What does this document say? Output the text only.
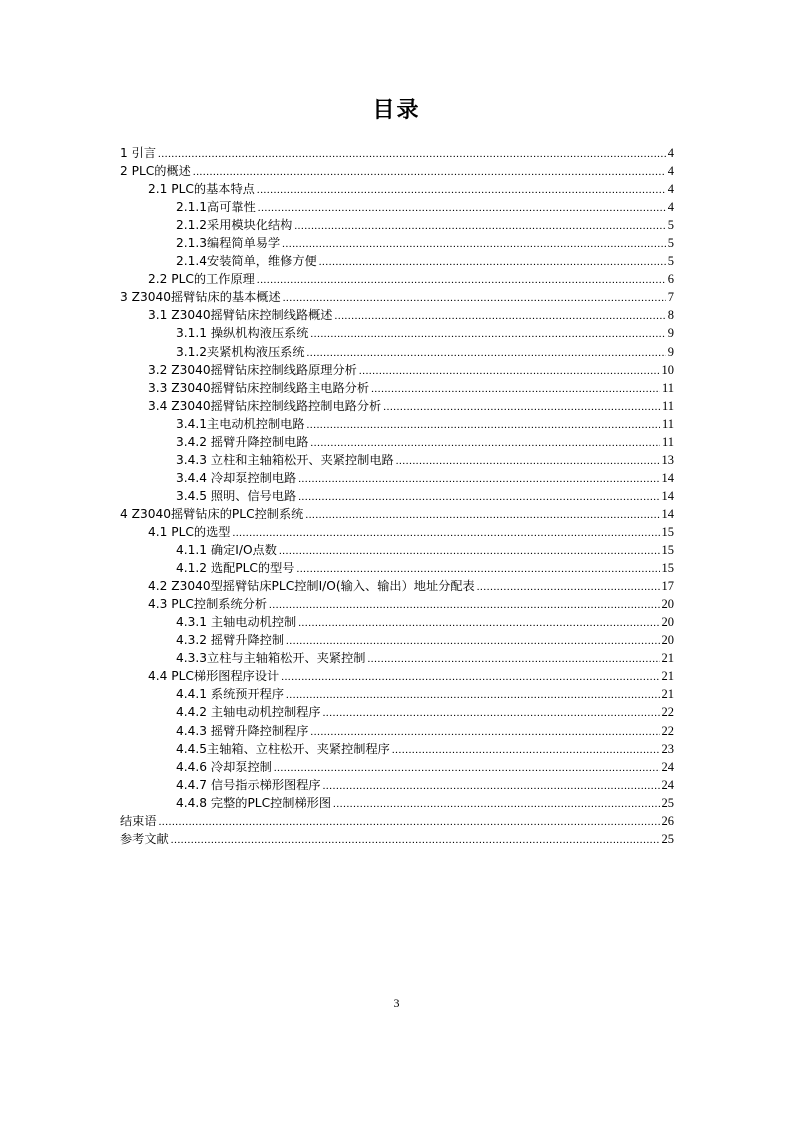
目录
1 引言 .....	4
2 PLC的概述 .....	4
2.1 PLC的基本特点 .....	4
2.1.1高可靠性 .....	4
2.1.2采用模块化结构 .....	5
2.1.3编程简单易学 .....	5
2.1.4安装简单，维修方便 .....	5
2.2 PLC的工作原理 .....	6
3 Z3040摇臂钻床的基本概述 .....	7
3.1 Z3040摇臂钻床控制线路概述 .....	8
3.1.1 操纵机构液压系统 .....	9
3.1.2夹紧机构液压系统 .....	9
3.2 Z3040摇臂钻床控制线路原理分析 .....	10
3.3 Z3040摇臂钻床控制线路主电路分析 .....	11
3.4 Z3040摇臂钻床控制线路控制电路分析 .....	11
3.4.1主电动机控制电路 .....	11
3.4.2 摇臂升降控制电路 .....	11
3.4.3 立柱和主轴箱松开、夹紧控制电路 .....	13
3.4.4 冷却泵控制电路 .....	14
3.4.5 照明、信号电路 .....	14
4 Z3040摇臂钻床的PLC控制系统 .....	14
4.1 PLC的选型 .....	15
4.1.1 确定I/O点数 .....	15
4.1.2 选配PLC的型号 .....	15
4.2 Z3040型摇臂钻床PLC控制I/O(输入、输出）地址分配表 .....	17
4.3 PLC控制系统分析 .....	20
4.3.1 主轴电动机控制 .....	20
4.3.2 摇臂升降控制 .....	20
4.3.3立柱与主轴箱松开、夹紧控制 .....	21
4.4 PLC梯形图程序设计 .....	21
4.4.1 系统预开程序 .....	21
4.4.2 主轴电动机控制程序 .....	22
4.4.3 摇臂升降控制程序 .....	22
4.4.5主轴箱、立柱松开、夹紧控制程序 .....	23
4.4.6 冷却泵控制 .....	24
4.4.7 信号指示梯形图程序 .....	24
4.4.8 完整的PLC控制梯形图 .....	25
结束语 .....	26
参考文献 .....	25
3
